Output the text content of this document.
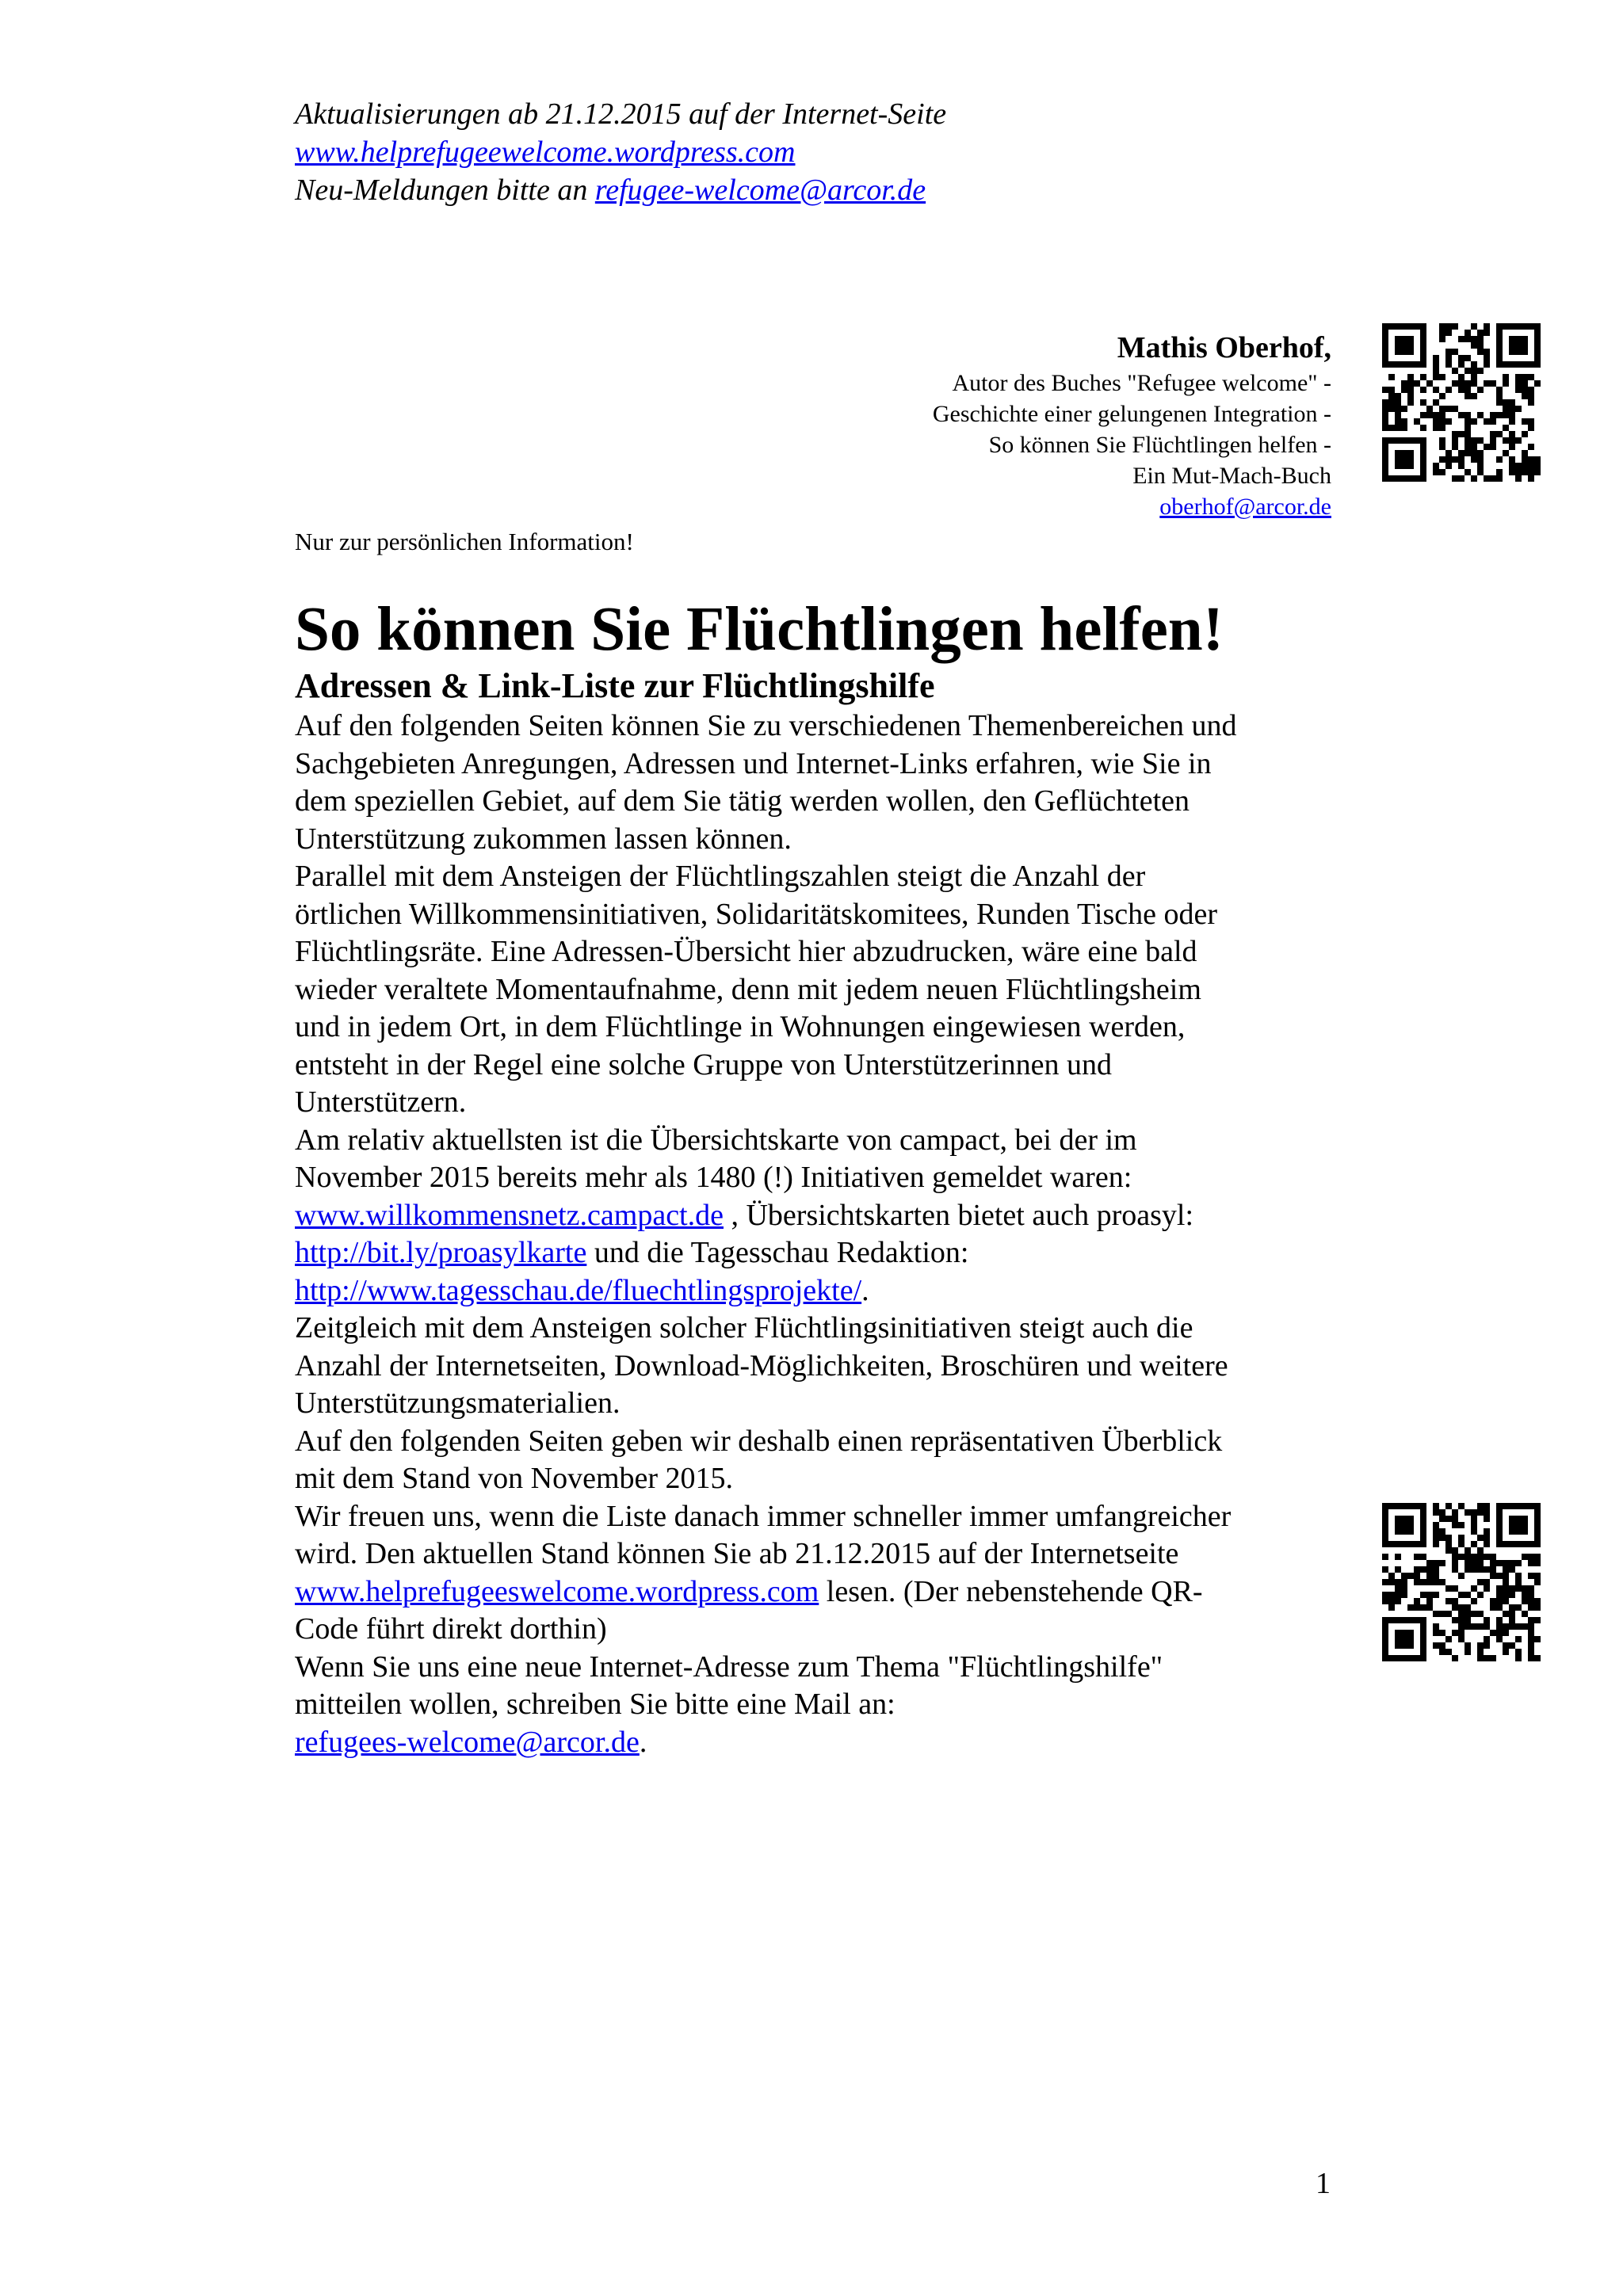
Aktualisierungen ab 21.12.2015 auf der Internet-Seite
www.helprefugeewelcome.wordpress.com
Neu-Meldungen bitte an refugee-welcome@arcor.de
Mathis Oberhof,
Autor des Buches "Refugee welcome" -
Geschichte einer gelungenen Integration -
So können Sie Flüchtlingen helfen -
Ein Mut-Mach-Buch
oberhof@arcor.de
Nur zur persönlichen Information!
So können Sie Flüchtlingen helfen!
Adressen & Link-Liste zur Flüchtlingshilfe
Auf den folgenden Seiten können Sie zu verschiedenen Themenbereichen und
Sachgebieten Anregungen, Adressen und Internet-Links erfahren, wie Sie in
dem speziellen Gebiet, auf dem Sie tätig werden wollen, den Geflüchteten
Unterstützung zukommen lassen können.
Parallel mit dem Ansteigen der Flüchtlingszahlen steigt die Anzahl der
örtlichen Willkommensinitiativen, Solidaritätskomitees, Runden Tische oder
Flüchtlingsräte. Eine Adressen-Übersicht hier abzudrucken, wäre eine bald
wieder veraltete Momentaufnahme, denn mit jedem neuen Flüchtlingsheim
und in jedem Ort, in dem Flüchtlinge in Wohnungen eingewiesen werden,
entsteht in der Regel eine solche Gruppe von Unterstützerinnen und
Unterstützern.
Am relativ aktuellsten ist die Übersichtskarte von campact, bei der im
November 2015 bereits mehr als 1480 (!) Initiativen gemeldet waren:
www.willkommensnetz.campact.de , Übersichtskarten bietet auch proasyl:
http://bit.ly/proasylkarte und die Tagesschau Redaktion:
http://www.tagesschau.de/fluechtlingsprojekte/.
Zeitgleich mit dem Ansteigen solcher Flüchtlingsinitiativen steigt auch die
Anzahl der Internetseiten, Download-Möglichkeiten, Broschüren und weitere
Unterstützungsmaterialien.
Auf den folgenden Seiten geben wir deshalb einen repräsentativen Überblick
mit dem Stand von November 2015.
Wir freuen uns, wenn die Liste danach immer schneller immer umfangreicher
wird. Den aktuellen Stand können Sie ab 21.12.2015 auf der Internetseite
www.helprefugeeswelcome.wordpress.com lesen. (Der nebenstehende QR-
Code führt direkt dorthin)
Wenn Sie uns eine neue Internet-Adresse zum Thema "Flüchtlingshilfe"
mitteilen wollen, schreiben Sie bitte eine Mail an:
refugees-welcome@arcor.de.
1
